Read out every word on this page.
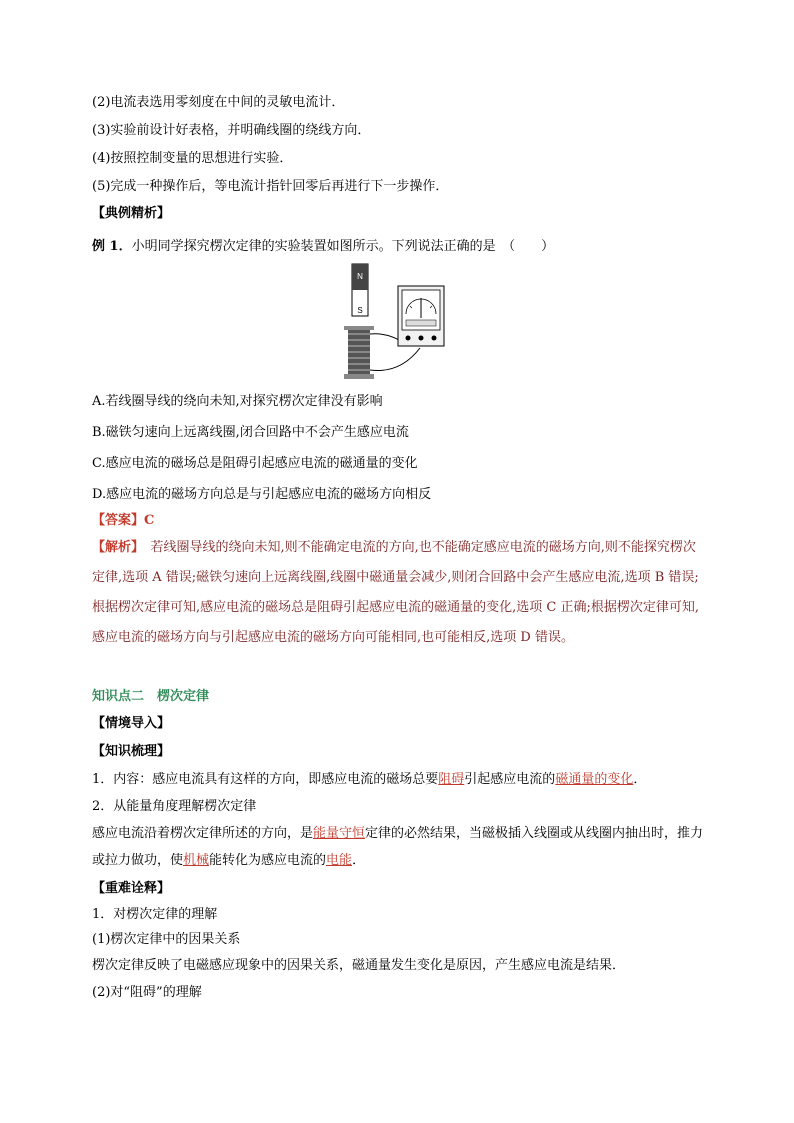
(2)电流表选用零刻度在中间的灵敏电流计．
(3)实验前设计好表格，并明确线圈的绕线方向．
(4)按照控制变量的思想进行实验．
(5)完成一种操作后，等电流计指针回零后再进行下一步操作．
【典例精析】
例 1．小明同学探究楞次定律的实验装置如图所示。下列说法正确的是　（　　）
N
S
A.若线圈导线的绕向未知,对探究楞次定律没有影响
B.磁铁匀速向上远离线圈,闭合回路中不会产生感应电流
C.感应电流的磁场总是阻碍引起感应电流的磁通量的变化
D.感应电流的磁场方向总是与引起感应电流的磁场方向相反
【答案】C
【解析】　若线圈导线的绕向未知,则不能确定电流的方向,也不能确定感应电流的磁场方向,则不能探究楞次定律,选项 A 错误;磁铁匀速向上远离线圈,线圈中磁通量会减少,则闭合回路中会产生感应电流,选项 B 错误;根据楞次定律可知,感应电流的磁场总是阻碍引起感应电流的磁通量的变化,选项 C 正确;根据楞次定律可知,感应电流的磁场方向与引起感应电流的磁场方向可能相同,也可能相反,选项 D 错误。
知识点二　楞次定律
【情境导入】
【知识梳理】
1．内容：感应电流具有这样的方向，即感应电流的磁场总要阻碍引起感应电流的磁通量的变化．
2．从能量角度理解楞次定律
感应电流沿着楞次定律所述的方向，是能量守恒定律的必然结果，当磁极插入线圈或从线圈内抽出时，推力或拉力做功，使机械能转化为感应电流的电能．
【重难诠释】
1．对楞次定律的理解
(1)楞次定律中的因果关系
楞次定律反映了电磁感应现象中的因果关系，磁通量发生变化是原因，产生感应电流是结果．
(2)对“阻碍”的理解
